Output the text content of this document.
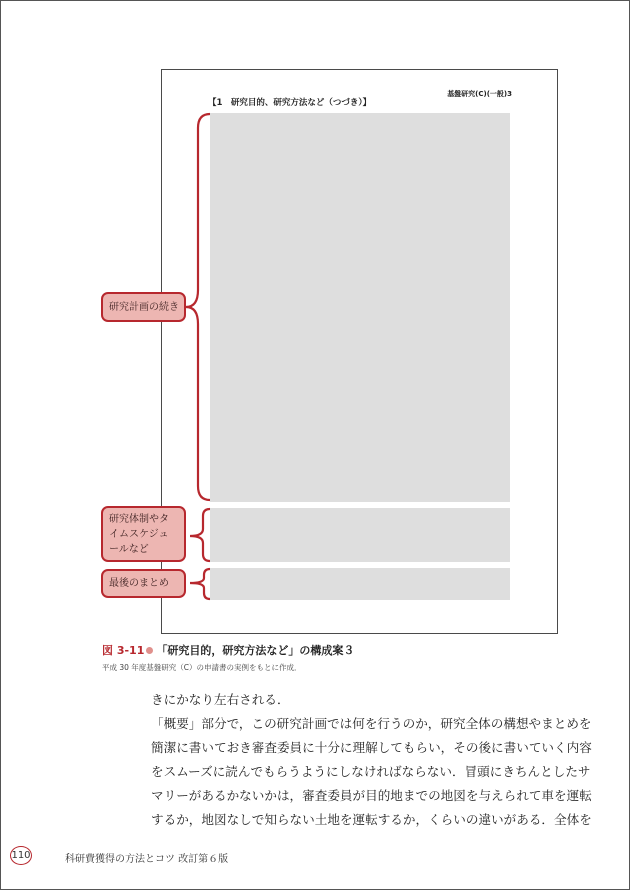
基盤研究(C)(一般)3
【1　研究目的、研究方法など（つづき）】
研究計画の続き
研究体制やタイムスケジュールなど
最後のまとめ
図 3-11 「研究目的，研究方法など」の構成案３
平成 30 年度基盤研究（C）の申請書の実例をもとに作成．

きにかなり左右される．

「概要」部分で，この研究計画では何を行うのか，研究全体の構想やまとめを

簡潔に書いておき審査委員に十分に理解してもらい，その後に書いていく内容

をスムーズに読んでもらうようにしなければならない．冒頭にきちんとしたサ

マリーがあるかないかは，審査委員が目的地までの地図を与えられて車を運転

するか，地図なしで知らない土地を運転するか，くらいの違いがある．全体を

110	科研費獲得の方法とコツ 改訂第６版
